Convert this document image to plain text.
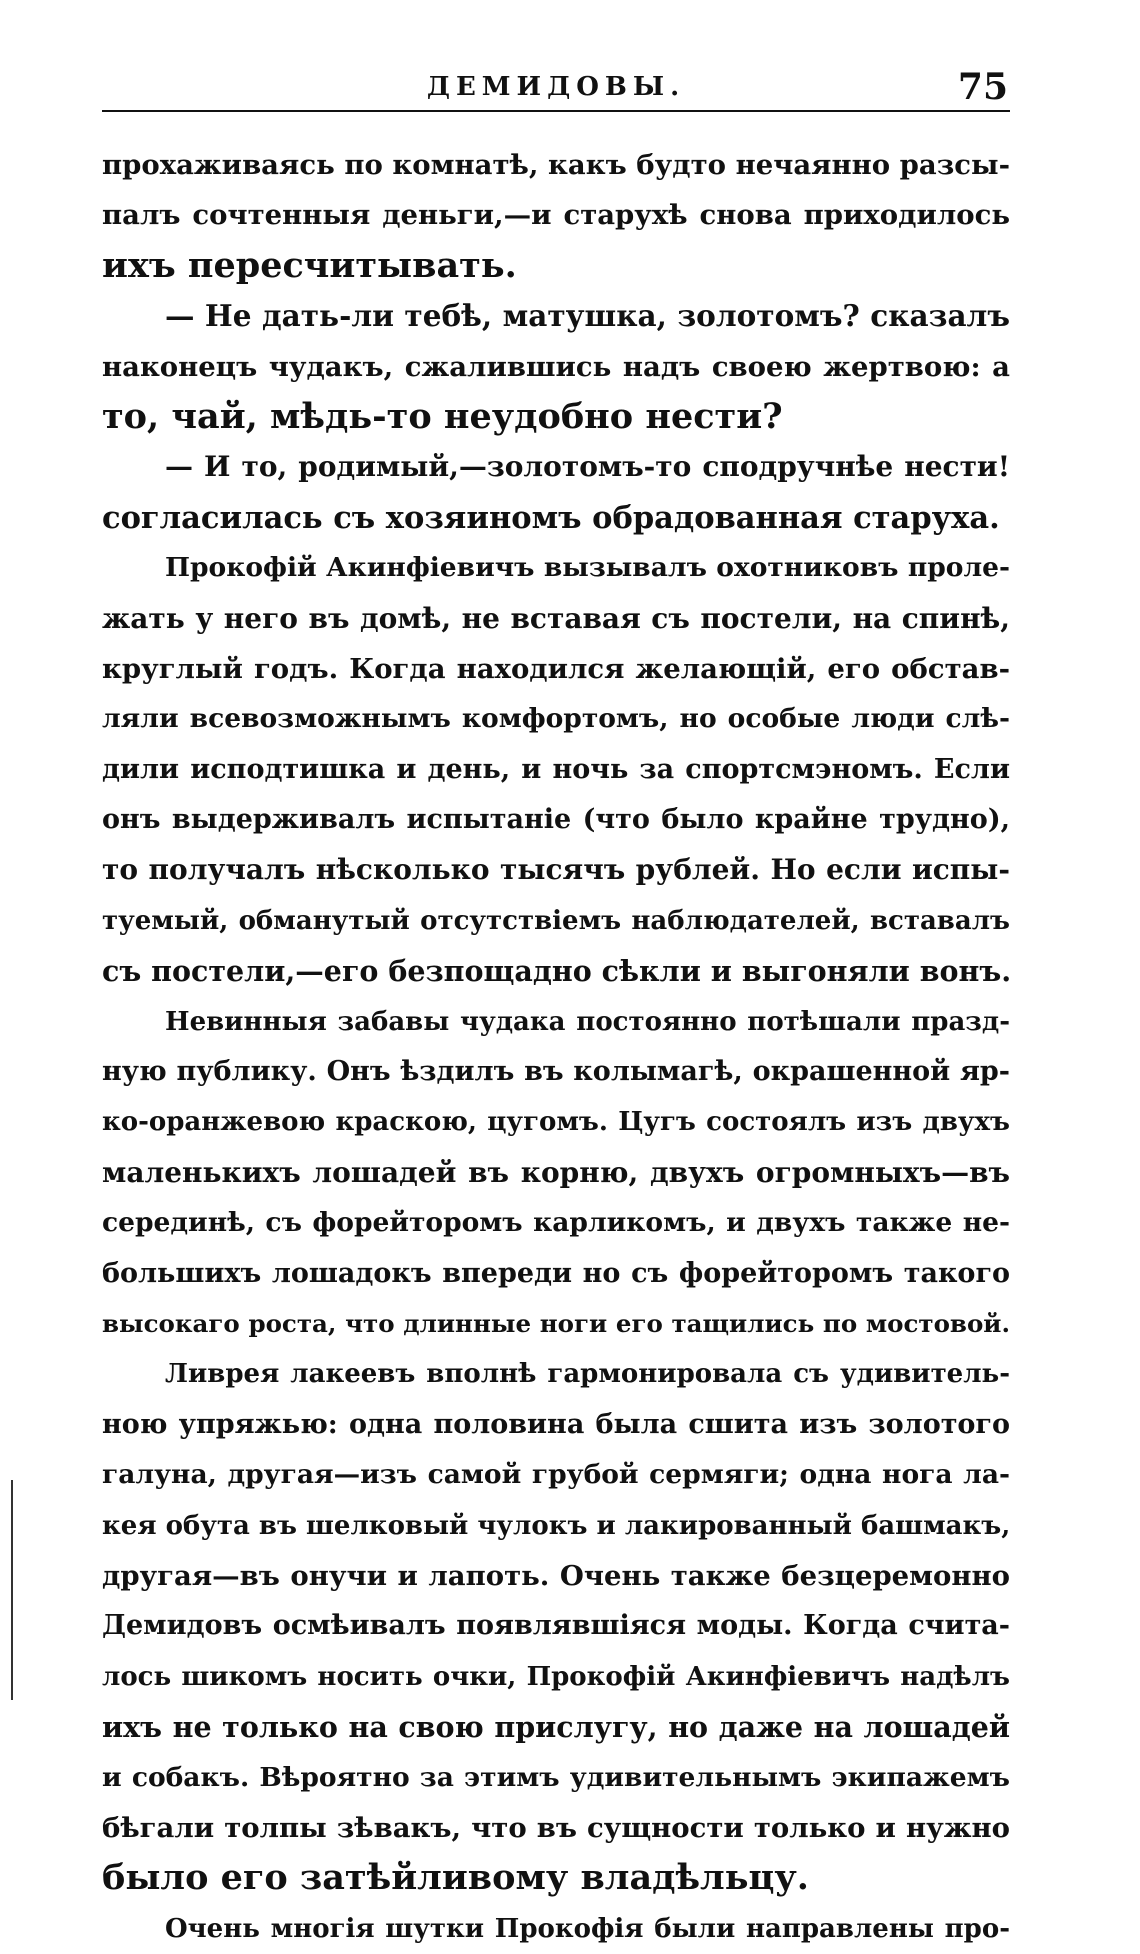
ДЕМИДОВЫ.	75
прохаживаясь по комнатѣ, какъ будто нечаянно разсы-
палъ сочтенныя деньги,—и старухѣ снова приходилось
ихъ пересчитывать.
— Не дать-ли тебѣ, матушка, золотомъ? сказалъ
наконецъ чудакъ, сжалившись надъ своею жертвою: а
то, чай, мѣдь-то неудобно нести?
— И то, родимый,—золотомъ-то сподручнѣе нести!
согласилась съ хозяиномъ обрадованная старуха.
Прокофій Акинфіевичъ вызывалъ охотниковъ проле-
жать у него въ домѣ, не вставая съ постели, на спинѣ,
круглый годъ. Когда находился желающій, его обстав-
ляли всевозможнымъ комфортомъ, но особые люди слѣ-
дили исподтишка и день, и ночь за спортсмэномъ. Если
онъ выдерживалъ испытаніе (что было крайне трудно),
то получалъ нѣсколько тысячъ рублей. Но если испы-
туемый, обманутый отсутствіемъ наблюдателей, вставалъ
съ постели,—его безпощадно сѣкли и выгоняли вонъ.
Невинныя забавы чудака постоянно потѣшали празд-
ную публику. Онъ ѣздилъ въ колымагѣ, окрашенной яр-
ко-оранжевою краскою, цугомъ. Цугъ состоялъ изъ двухъ
маленькихъ лошадей въ корню, двухъ огромныхъ—въ
серединѣ, съ форейторомъ карликомъ, и двухъ также не-
большихъ лошадокъ впереди но съ форейторомъ такого
высокаго роста, что длинные ноги его тащились по мостовой.
Ливрея лакеевъ вполнѣ гармонировала съ удивитель-
ною упряжью: одна половина была сшита изъ золотого
галуна, другая—изъ самой грубой сермяги; одна нога ла-
кея обута въ шелковый чулокъ и лакированный башмакъ,
другая—въ онучи и лапоть. Очень также безцеремонно
Демидовъ осмѣивалъ появлявшіяся моды. Когда счита-
лось шикомъ носить очки, Прокофій Акинфіевичъ надѣлъ
ихъ не только на свою прислугу, но даже на лошадей
и собакъ. Вѣроятно за этимъ удивительнымъ экипажемъ
бѣгали толпы зѣвакъ, что въ сущности только и нужно
было его затѣйливому владѣльцу.
Очень многія шутки Прокофія были направлены про-
